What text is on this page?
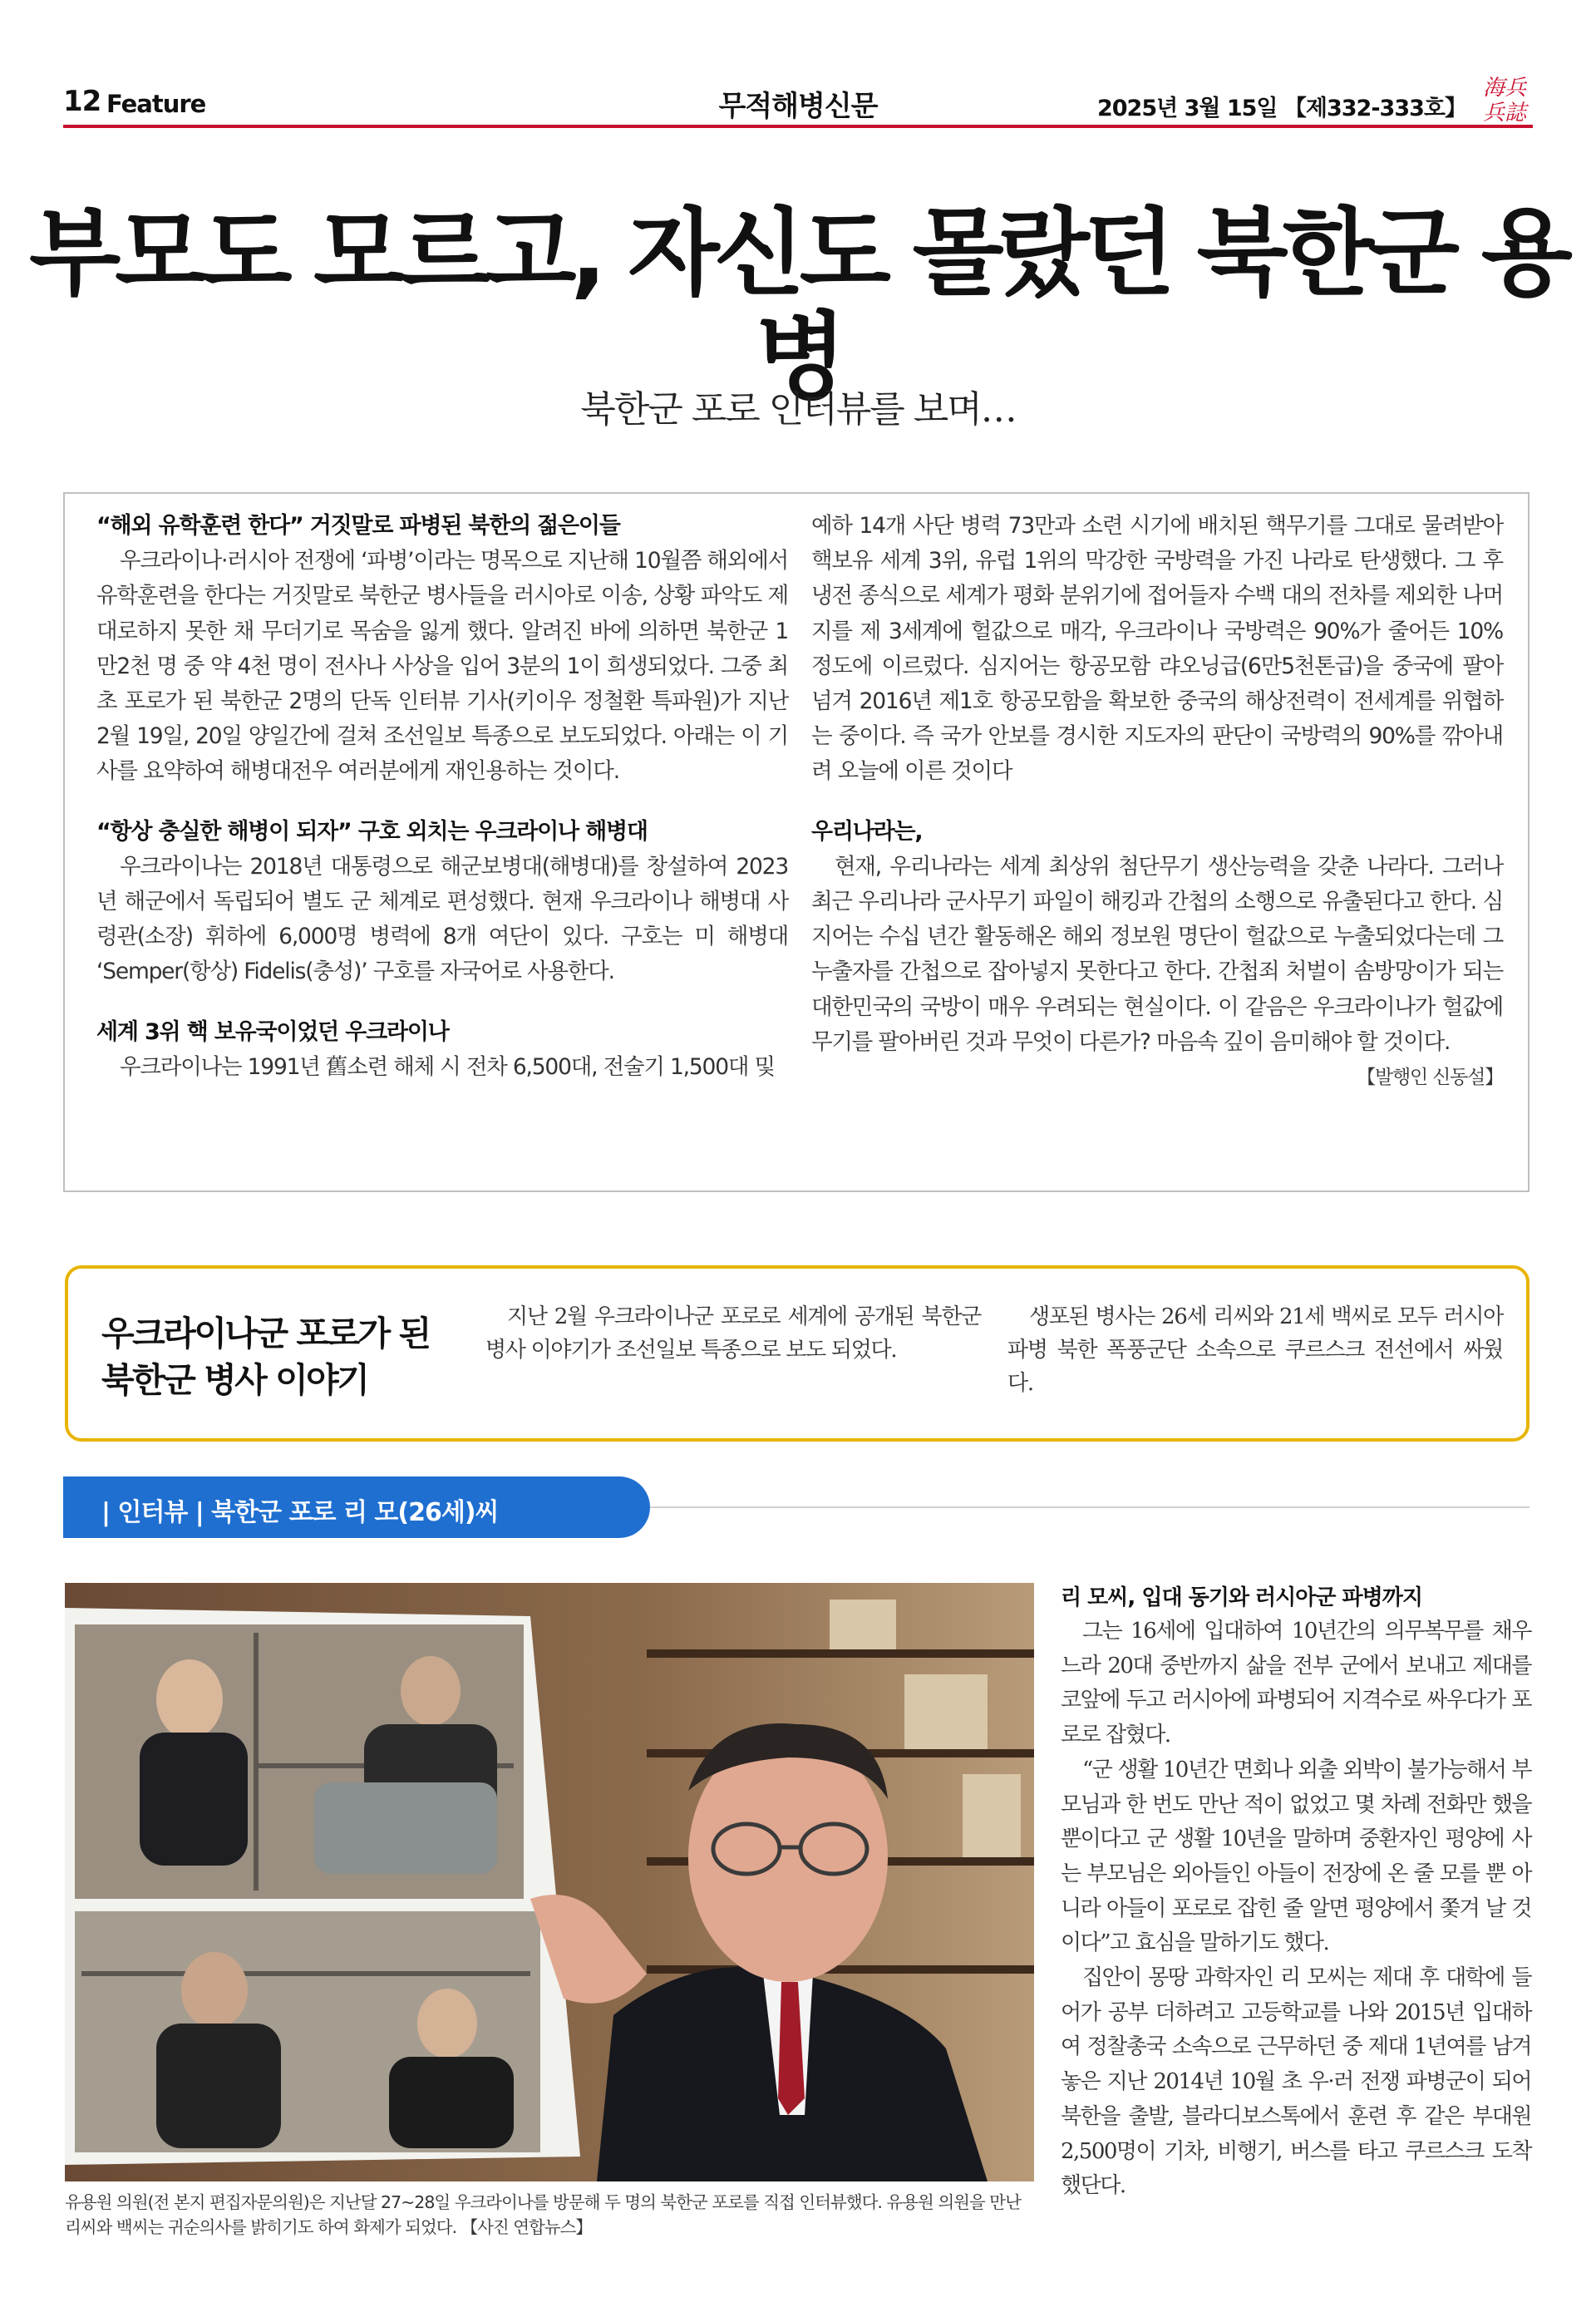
12 Feature	무적해병신문	2025년 3월 15일 【제332-333호】
海 兵
兵 誌
부모도 모르고, 자신도 몰랐던 북한군 용병
북한군 포로 인터뷰를 보며…
“해외 유학훈련 한다” 거짓말로 파병된 북한의 젊은이들

우크라이나·러시아 전쟁에 ‘파병’이라는 명목으로 지난해 10월쯤 해외에서 유학훈련을 한다는 거짓말로 북한군 병사들을 러시아로 이송, 상황 파악도 제대로하지 못한 채 무더기로 목숨을 잃게 했다. 알려진 바에 의하면 북한군 1만2천 명 중 약 4천 명이 전사나 사상을 입어 3분의 1이 희생되었다. 그중 최초 포로가 된 북한군 2명의 단독 인터뷰 기사(키이우 정철환 특파원)가 지난 2월 19일, 20일 양일간에 걸쳐 조선일보 특종으로 보도되었다. 아래는 이 기사를 요약하여 해병대전우 여러분에게 재인용하는 것이다.

“항상 충실한 해병이 되자” 구호 외치는 우크라이나 해병대

우크라이나는 2018년 대통령으로 해군보병대(해병대)를 창설하여 2023년 해군에서 독립되어 별도 군 체계로 편성했다. 현재 우크라이나 해병대 사령관(소장) 휘하에 6,000명 병력에 8개 여단이 있다. 구호는 미 해병대 ‘Semper(항상) Fidelis(충성)’ 구호를 자국어로 사용한다.

세계 3위 핵 보유국이었던 우크라이나

우크라이나는 1991년 舊소련 해체 시 전차 6,500대, 전술기 1,500대 및

예하 14개 사단 병력 73만과 소련 시기에 배치된 핵무기를 그대로 물려받아 핵보유 세계 3위, 유럽 1위의 막강한 국방력을 가진 나라로 탄생했다. 그 후 냉전 종식으로 세계가 평화 분위기에 접어들자 수백 대의 전차를 제외한 나머지를 제 3세계에 헐값으로 매각, 우크라이나 국방력은 90%가 줄어든 10%정도에 이르렀다. 심지어는 항공모함 랴오닝급(6만5천톤급)을 중국에 팔아넘겨 2016년 제1호 항공모함을 확보한 중국의 해상전력이 전세계를 위협하는 중이다. 즉 국가 안보를 경시한 지도자의 판단이 국방력의 90%를 깎아내려 오늘에 이른 것이다

우리나라는,

현재, 우리나라는 세계 최상위 첨단무기 생산능력을 갖춘 나라다. 그러나 최근 우리나라 군사무기 파일이 해킹과 간첩의 소행으로 유출된다고 한다. 심지어는 수십 년간 활동해온 해외 정보원 명단이 헐값으로 누출되었다는데 그 누출자를 간첩으로 잡아넣지 못한다고 한다. 간첩죄 처벌이 솜방망이가 되는 대한민국의 국방이 매우 우려되는 현실이다. 이 같음은 우크라이나가 헐값에 무기를 팔아버린 것과 무엇이 다른가? 마음속 깊이 음미해야 할 것이다.

【발행인 신동설】
우크라이나군 포로가 된
북한군 병사 이야기
지난 2월 우크라이나군 포로로 세계에 공개된 북한군 병사 이야기가 조선일보 특종으로 보도 되었다.
생포된 병사는 26세 리씨와 21세 백씨로 모두 러시아 파병 북한 폭풍군단 소속으로 쿠르스크 전선에서 싸웠다.
| 인터뷰 | 북한군 포로 리 모(26세)씨
유용원 의원(전 본지 편집자문의원)은 지난달 27~28일 우크라이나를 방문해 두 명의 북한군 포로를 직접 인터뷰했다. 유용원 의원을 만난 리씨와 백씨는 귀순의사를 밝히기도 하여 화제가 되었다. 【사진 연합뉴스】
리 모씨, 입대 동기와 러시아군 파병까지

그는 16세에 입대하여 10년간의 의무복무를 채우느라 20대 중반까지 삶을 전부 군에서 보내고 제대를 코앞에 두고 러시아에 파병되어 지격수로 싸우다가 포로로 잡혔다.

“군 생활 10년간 면회나 외출 외박이 불가능해서 부모님과 한 번도 만난 적이 없었고 몇 차례 전화만 했을 뿐이다고 군 생활 10년을 말하며 중환자인 평양에 사는 부모님은 외아들인 아들이 전장에 온 줄 모를 뿐 아니라 아들이 포로로 잡힌 줄 알면 평양에서 쫓겨 날 것이다”고 효심을 말하기도 했다.

집안이 몽땅 과학자인 리 모씨는 제대 후 대학에 들어가 공부 더하려고 고등학교를 나와 2015년 입대하여 정찰총국 소속으로 근무하던 중 제대 1년여를 남겨놓은 지난 2014년 10월 초 우·러 전쟁 파병군이 되어 북한을 출발, 블라디보스톡에서 훈련 후 같은 부대원 2,500명이 기차, 비행기, 버스를 타고 쿠르스크 도착했단다.
